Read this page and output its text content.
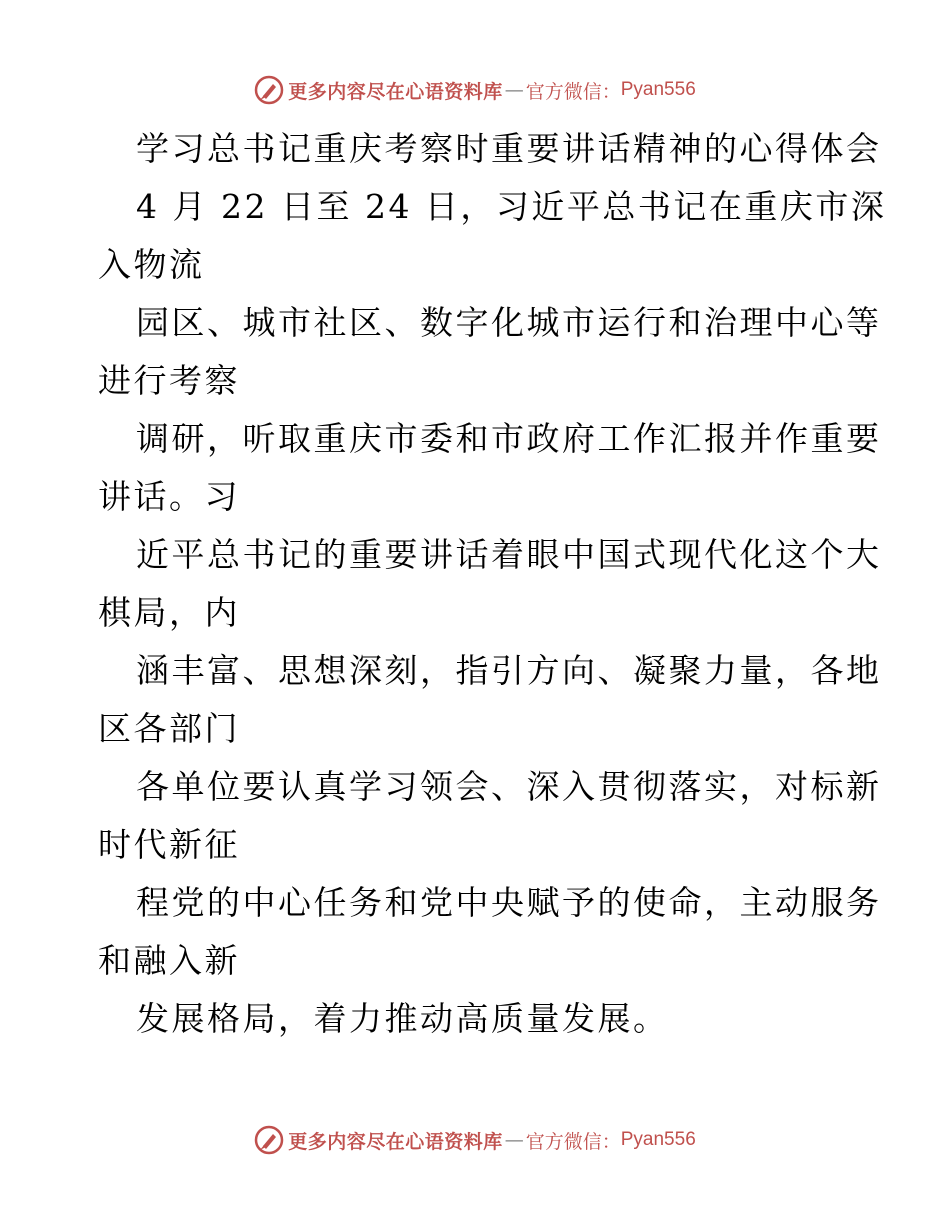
更多内容尽在心语资料库 — 官方微信： Pyan556
学习总书记重庆考察时重要讲话精神的心得体会
4 月 22 日至 24 日，习近平总书记在重庆市深
入物流
园区、城市社区、数字化城市运行和治理中心等
进行考察
调研，听取重庆市委和市政府工作汇报并作重要
讲话。习
近平总书记的重要讲话着眼中国式现代化这个大
棋局，内
涵丰富、思想深刻，指引方向、凝聚力量，各地
区各部门
各单位要认真学习领会、深入贯彻落实，对标新
时代新征
程党的中心任务和党中央赋予的使命，主动服务
和融入新
发展格局，着力推动高质量发展。
更多内容尽在心语资料库 — 官方微信： Pyan556
